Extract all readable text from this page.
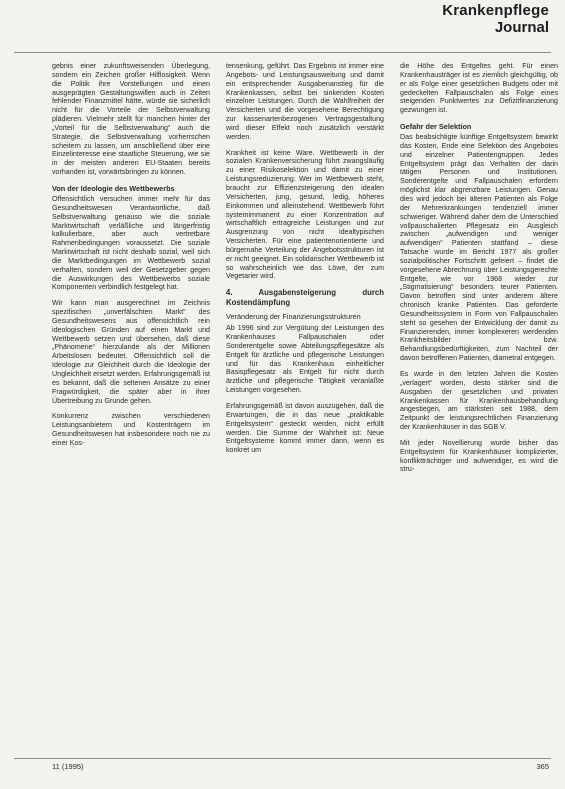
Krankenpflege
Journal

gebnis einer zukunftsweisenden Überlegung, sondern ein Zeichen großer Hilflosigkeit. Wenn die Politik ihre Vorstellungen und einen ausgeprägten Gestaltungswillen auch in Zeiten fehlender Finanzmittel hätte, würde sie sicherlich nicht für die Vorteile der Selbstverwaltung plädieren. Vielmehr stellt für manchen hinter der „Vorteil für die Selbstverwaltung“ auch die Strategie, die Selbstverwaltung vorherrschen scheitern zu lassen, um anschließend über eine Einzelinteresse eine staatliche Steuerung, wie sie in der meisten anderen EU-Staaten bereits vorhanden ist, vorwärtsbringen zu können.

Von der Ideologie des Wettbewerbs

Offensichtlich versuchen immer mehr für das Gesundheitswesen Verantwortliche, daß Selbstverwaltung genauso wie die soziale Marktwirtschaft verläßliche und längerfristig kalkulierbare, aber auch vertretbare Rahmenbedingungen voraussetzt. Die soziale Marktwirtschaft ist nicht deshalb sozial, weil sich die Marktbedingungen im Wettbewerb sozial verhalten, sondern weil der Gesetzgeber gegen die Auswirkungen des Wettbewerbs soziale Komponenten verbindlich festgelegt hat.

Wir kann man ausgerechnet im Zeichnis spezifischen „unverfälschten Markt“ des Gesundheitswesens aus offensichtlich rein ideologischen Gründen auf einen Markt und Wettbewerb setzen und übersehen, daß diese „Phänomene“ hierzulande als der Millionen Arbeitslosen bedeutet. Offensichtlich soll die Ideologie zur Gleichheit durch die Ideologie der Ungleichheit ersetzt werden. Erfahrungsgemäß ist es bekannt, daß die seltenen Ansätze zu einer Fragwürdigkeit, die später aber in ihrer Übertreibung zu Grunde gehen.

Konkurrenz zwischen verschiedenen Leistungsanbietern und Kostenträgern im Gesundheitswesen hat insbesondere noch nie zu einer Kos-

tensenkung, geführt. Das Ergebnis ist immer eine Angebots- und Leistungsausweitung und damit ein entsprechender Ausgabenanstieg für die Krankenkassen, selbst bei sinkenden Kosten einzelner Leistungen. Durch die Wahlfreiheit der Versicherten und die vorgesehene Berechtigung zur kassenartenbezogenen Vertragsgestaltung wird dieser Effekt noch zusätzlich verstärkt werden.

Krankheit ist keine Ware. Wettbewerb in der sozialen Krankenversicherung führt zwangsläufig zu einer Risikoselektion und damit zu einer Leistungsreduzierung. Wer im Wettbewerb steht, braucht zur Effizienzsteigerung den idealen Versicherten, jung, gesund, ledig, höheres Einkommen und alleinstehend. Wettbewerb führt systemimmanent zu einer Konzentration auf wirtschaftlich ertragreiche Leistungen und zur Ausgrenzung von nicht idealtypischen Versicherten. Für eine patientenorientierte und bürgernahe Verteilung der Angebotsstrukturen ist er nicht geeignet. Ein solidarischer Wettbewerb ist so wahrscheinlich wie das Löwe, der zum Vegetarier wird.

4. Ausgabensteigerung durch Kostendämpfung
Veränderung der Finanzierungsstrukturen

Ab 1996 sind zur Vergütung der Leistungen des Krankenhauses Fallpauschalen oder Sonderentgelte sowie Abteilungspflegesätze als Entgelt für ärztliche und pflegerische Leistungen und für das Krankenhaus einheitlicher Basispflegesatz als Entgelt für nicht durch ärztliche und pflegerische Tätigkeit veranlaßte Leistungen vorgesehen.

Erfahrungsgemäß ist davon auszugehen, daß die Erwartungen, die in das neue „praktikable Entgeltsystem“ gesteckt werden, nicht erfüllt werden. Die Summe der Wahrheit ist: Neue Entgeltsysteme kommt immer dann, wenn es konkret um

die Höhe des Entgeltes geht. Für einen Krankenhausträger ist es ziemlich gleichgültig, ob er als Folge einer gesetzlichen Budgets oder mit gedeckelten Fallpauschalen als Folge eines steigenden Punktwertes zur Defizitfinanzierung gezwungen ist.

Gefahr der Selektion

Das beabsichtigte künftige Entgeltsystem bewirkt das Kosten, Ende eine Selektion des Angebotes und einzelner Patientengruppen. Jedes Entgeltsystem prägt das Verhalten der darin tätigen Personen und Institutionen. Sonderentgelte und Fallpauschalen erfordern möglichst klar abgrenzbare Leistungen. Genau dies wird jedoch bei älteren Patienten als Folge der Mehrerkrankungen tendenziell immer schwieriger. Während daher dem die Unterschied vollpauschalierten Pflegesatz ein Ausgleich zwischen „aufwendigen und weniger aufwendigen“ Patienten stattfand – diese Tatsache wurde im Bericht 1977 als großer sozialpolitischer Fortschritt gefeiert – findet die vorgesehene Abrechnung über Leistungsgerechte Entgelte, wie vor 1968 wieder zur „Stigmatisierung“ besonders teurer Patienten. Davon betroffen sind unter anderem ältere chronisch kranke Patienten. Das geforderte Gesundheitssystem in Form von Fallpauschalen steht so gesehen der Entwicklung der damit zu Finanzierenden, immer komplexeren werdenden Krankheitsbilder bzw. Behandlungsbedürftigkeiten, zum Nachteil der davon betroffenen Patienten, diametral entgegen.

Es wurde in den letzten Jahren die Kosten „verlagert“ worden, desto stärker sind die Ausgaben der gesetzlichen und privaten Krankenkassen für Krankenhausbehandlung angestiegen, am stärksten seit 1988, dem Zeitpunkt der leistungsrechtlichen Finanzierung der Krankenhäuser in das SGB V.

Mit jeder Novellierung wurde bisher das Entgeltsystem für Krankenhäuser komplizierter, konfliktträchtiger und aufwendiger, es wird die stru-

11 (1995)	365
